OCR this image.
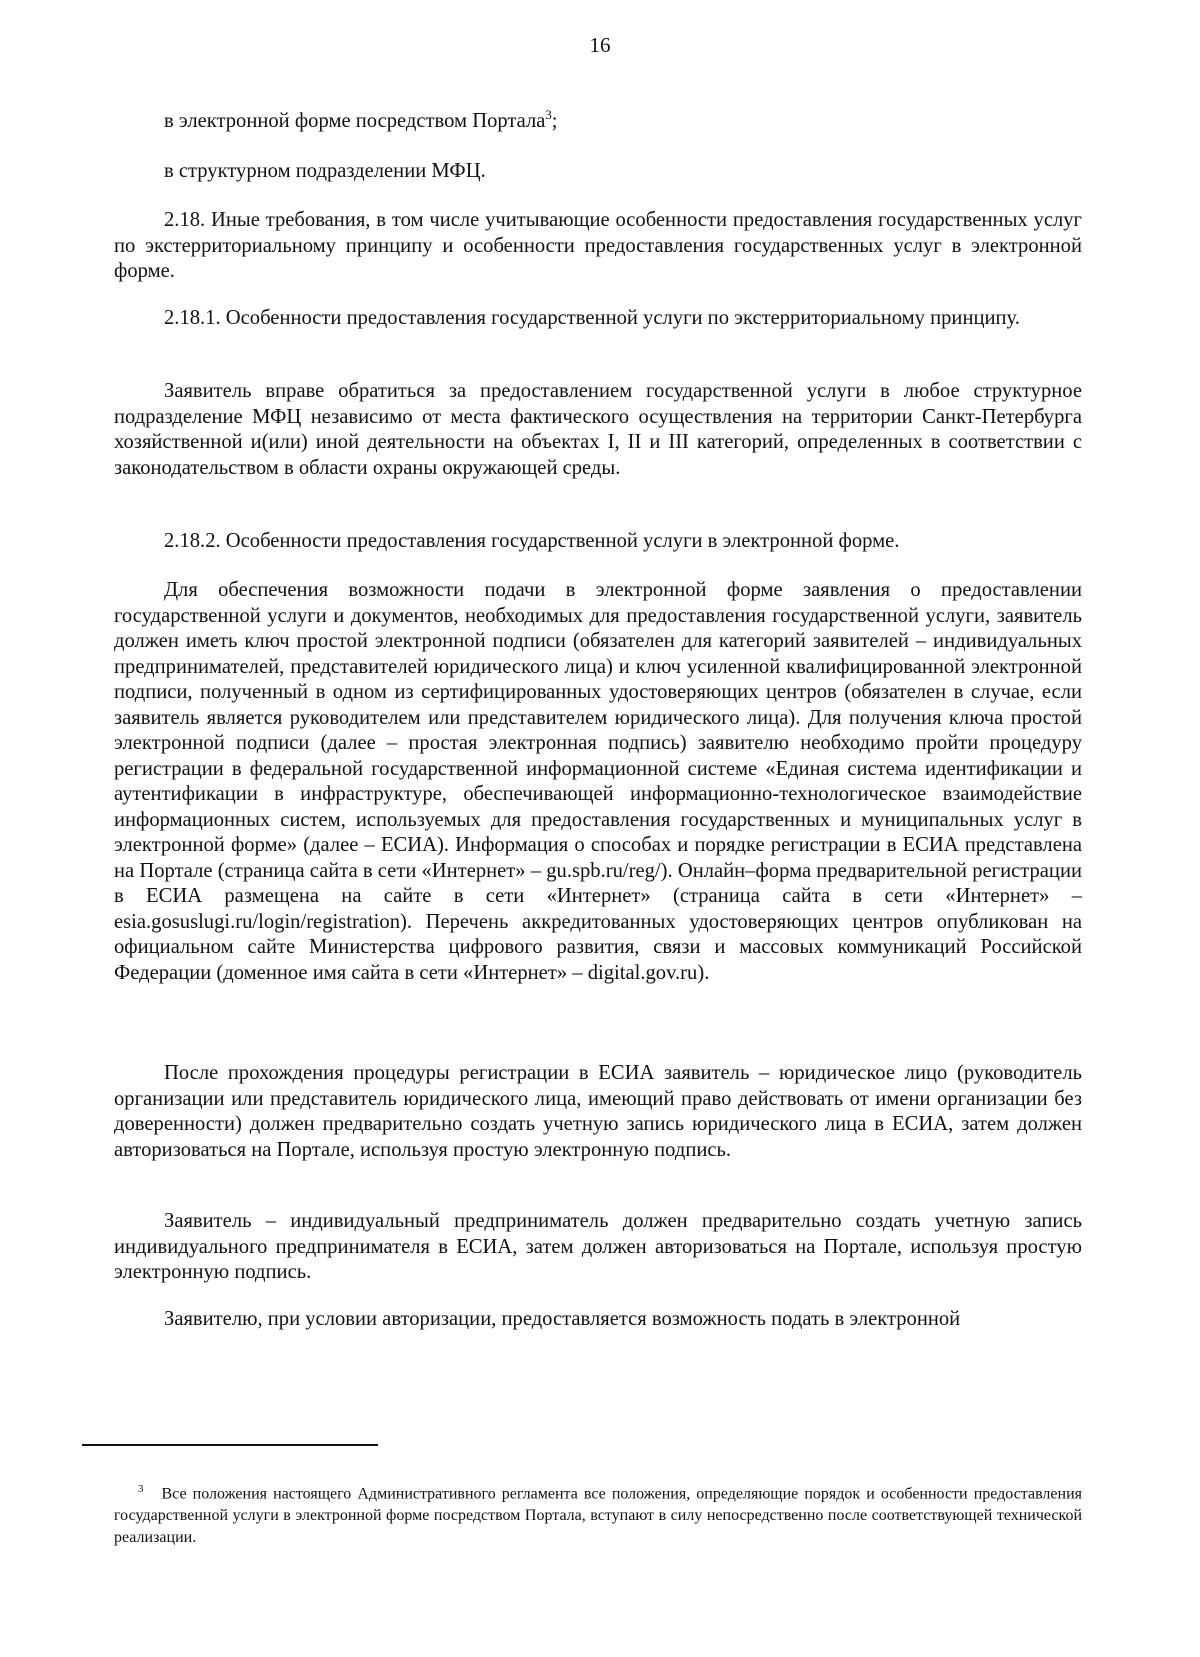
16
в электронной форме посредством Портала$^3$;
в структурном подразделении МФЦ.
2.18. Иные требования, в том числе учитывающие особенности предоставления государственных услуг по экстерриториальному принципу и особенности предоставления государственных услуг в электронной форме.
2.18.1. Особенности предоставления государственной услуги по экстерриториальному принципу.
Заявитель вправе обратиться за предоставлением государственной услуги в любое структурное подразделение МФЦ независимо от места фактического осуществления на территории Санкт-Петербурга хозяйственной и(или) иной деятельности на объектах I, II и III категорий, определенных в соответствии с законодательством в области охраны окружающей среды.
2.18.2. Особенности предоставления государственной услуги в электронной форме.
Для обеспечения возможности подачи в электронной форме заявления о предоставлении государственной услуги и документов, необходимых для предоставления государственной услуги, заявитель должен иметь ключ простой электронной подписи (обязателен для категорий заявителей – индивидуальных предпринимателей, представителей юридического лица) и ключ усиленной квалифицированной электронной подписи, полученный в одном из сертифицированных удостоверяющих центров (обязателен в случае, если заявитель является руководителем или представителем юридического лица). Для получения ключа простой электронной подписи (далее – простая электронная подпись) заявителю необходимо пройти процедуру регистрации в федеральной государственной информационной системе «Единая система идентификации и аутентификации в инфраструктуре, обеспечивающей информационно-технологическое взаимодействие информационных систем, используемых для предоставления государственных и муниципальных услуг в электронной форме» (далее – ЕСИА). Информация о способах и порядке регистрации в ЕСИА представлена на Портале (страница сайта в сети «Интернет» – gu.spb.ru/reg/). Онлайн–форма предварительной регистрации в ЕСИА размещена на сайте в сети «Интернет» (страница сайта в сети «Интернет» – esia.gosuslugi.ru/login/registration). Перечень аккредитованных удостоверяющих центров опубликован на официальном сайте Министерства цифрового развития, связи и массовых коммуникаций Российской Федерации (доменное имя сайта в сети «Интернет» – digital.gov.ru).
После прохождения процедуры регистрации в ЕСИА заявитель – юридическое лицо (руководитель организации или представитель юридического лица, имеющий право действовать от имени организации без доверенности) должен предварительно создать учетную запись юридического лица в ЕСИА, затем должен авторизоваться на Портале, используя простую электронную подпись.
Заявитель – индивидуальный предприниматель должен предварительно создать учетную запись индивидуального предпринимателя в ЕСИА, затем должен авторизоваться на Портале, используя простую электронную подпись.
Заявителю, при условии авторизации, предоставляется возможность подать в электронной
$^3$ Все положения настоящего Административного регламента все положения, определяющие порядок и особенности предоставления государственной услуги в электронной форме посредством Портала, вступают в силу непосредственно после соответствующей технической реализации.
